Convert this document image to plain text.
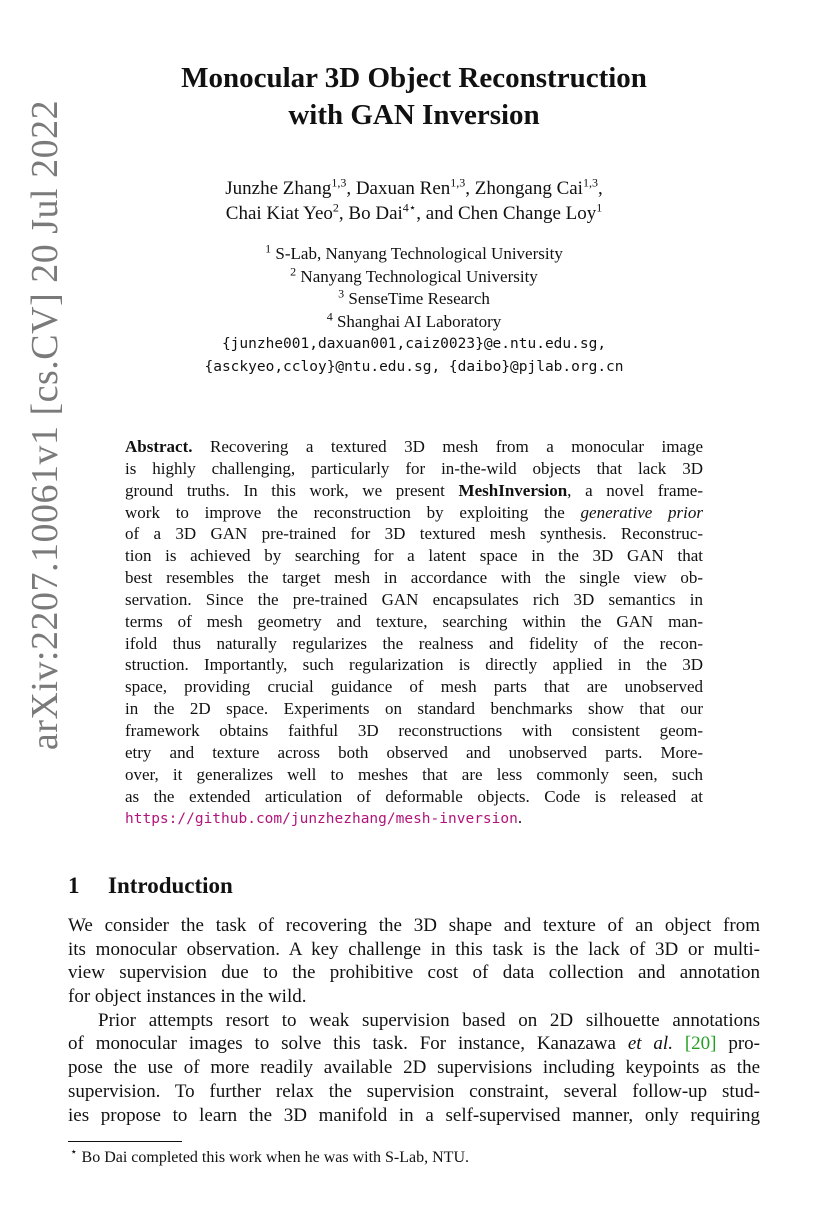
arXiv:2207.10061v1 [cs.CV] 20 Jul 2022
Monocular 3D Object Reconstruction
with GAN Inversion
Junzhe Zhang$^{1,3}$, Daxuan Ren$^{1,3}$, Zhongang Cai$^{1,3}$,
Chai Kiat Yeo$^2$, Bo Dai$^{4⋆}$, and Chen Change Loy$^1$
$^1$ S-Lab, Nanyang Technological University
$^2$ Nanyang Technological University
$^3$ SenseTime Research
$^4$ Shanghai AI Laboratory
{junzhe001,daxuan001,caiz0023}@e.ntu.edu.sg,
{asckyeo,ccloy}@ntu.edu.sg, {daibo}@pjlab.org.cn
Abstract. Recovering a textured 3D mesh from a monocular image
is highly challenging, particularly for in-the-wild objects that lack 3D
ground truths. In this work, we present MeshInversion, a novel frame-
work to improve the reconstruction by exploiting the generative prior
of a 3D GAN pre-trained for 3D textured mesh synthesis. Reconstruc-
tion is achieved by searching for a latent space in the 3D GAN that
best resembles the target mesh in accordance with the single view ob-
servation. Since the pre-trained GAN encapsulates rich 3D semantics in
terms of mesh geometry and texture, searching within the GAN man-
ifold thus naturally regularizes the realness and fidelity of the recon-
struction. Importantly, such regularization is directly applied in the 3D
space, providing crucial guidance of mesh parts that are unobserved
in the 2D space. Experiments on standard benchmarks show that our
framework obtains faithful 3D reconstructions with consistent geom-
etry and texture across both observed and unobserved parts. More-
over, it generalizes well to meshes that are less commonly seen, such
as the extended articulation of deformable objects. Code is released at
https://github.com/junzhezhang/mesh-inversion.
1 Introduction
We consider the task of recovering the 3D shape and texture of an object from
its monocular observation. A key challenge in this task is the lack of 3D or multi-
view supervision due to the prohibitive cost of data collection and annotation
for object instances in the wild.
Prior attempts resort to weak supervision based on 2D silhouette annotations
of monocular images to solve this task. For instance, Kanazawa et al. [20] pro-
pose the use of more readily available 2D supervisions including keypoints as the
supervision. To further relax the supervision constraint, several follow-up stud-
ies propose to learn the 3D manifold in a self-supervised manner, only requiring
⋆ Bo Dai completed this work when he was with S-Lab, NTU.
